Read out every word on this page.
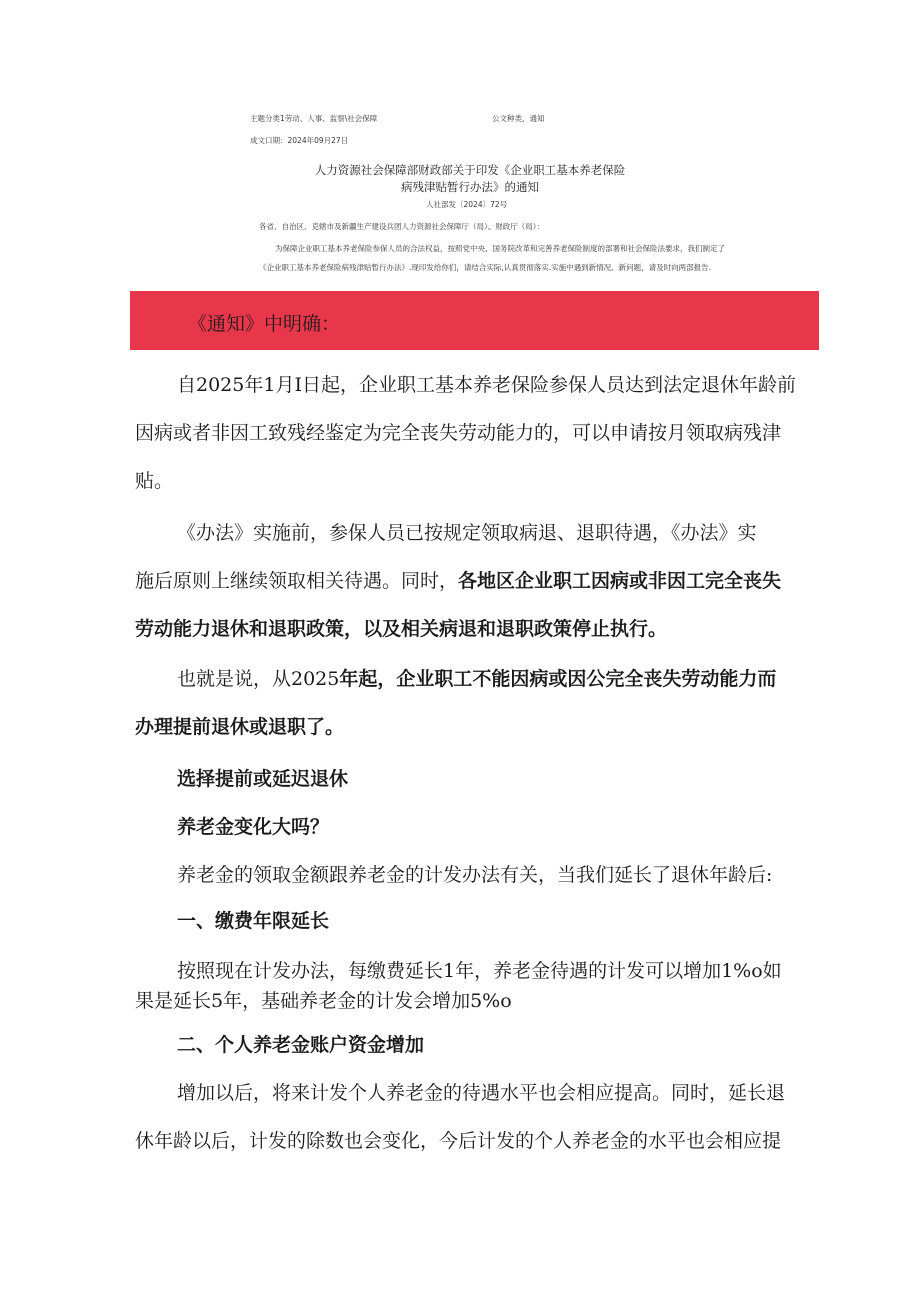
主题分类1劳动、人事、监察\社会保障	公文种类，通知
成文口期：2024年09月27日
人力资源社会保障部财政部关于印发《企业职工基本养老保险
病残津贴暂行办法》的通知
人社部发〔2024〕72号
各省、自治区、克辖市及新疆生产建设兵团人力资源社会保障厅（局）、财政厅（局）：
为保障企业职工基本养老保险参保人员的合法权益，按照党中央、国务院改革和完善养老保险制度的部署和社会保险法要求，我们制定了
《企业职工基本养老保险病残津贴暂行办法》.现印发给你们，请结合实际,认真贯彻落实.实施中遇到新情况、新问题，请及时向两部报告.
《通知》中明确：
自2025年1月I日起，企业职工基本养老保险参保人员达到法定退休年龄前
因病或者非因工致残经鉴定为完全丧失劳动能力的，可以申请按月领取病残津
贴。
《办法》实施前，参保人员已按规定领取病退、退职待遇，《办法》实
施后原则上继续领取相关待遇。同时，各地区企业职工因病或非因工完全丧失
劳动能力退休和退职政策，以及相关病退和退职政策停止执行。
也就是说，从2025年起，企业职工不能因病或因公完全丧失劳动能力而
办理提前退休或退职了。
选择提前或延迟退休
养老金变化大吗？
养老金的领取金额跟养老金的计发办法有关，当我们延长了退休年龄后:
一、缴费年限延长
按照现在计发办法，每缴费延长1年，养老金待遇的计发可以增加1%o如
果是延长5年，基础养老金的计发会增加5%o
二、个人养老金账户资金增加
增加以后，将来计发个人养老金的待遇水平也会相应提高。同时，延长退
休年龄以后，计发的除数也会变化，今后计发的个人养老金的水平也会相应提
